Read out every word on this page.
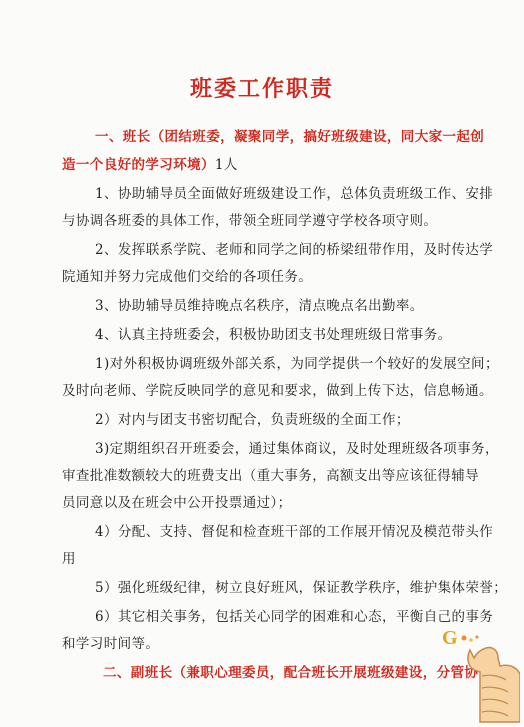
班委工作职责
一、班长（团结班委，凝聚同学，搞好班级建设，同大家一起创
造一个良好的学习环境）1人
1、协助辅导员全面做好班级建设工作，总体负责班级工作、安排
与协调各班委的具体工作，带领全班同学遵守学校各项守则。
2、发挥联系学院、老师和同学之间的桥梁纽带作用，及时传达学
院通知并努力完成他们交给的各项任务。
3、协助辅导员维持晚点名秩序，清点晚点名出勤率。
4、认真主持班委会，积极协助团支书处理班级日常事务。
1)对外积极协调班级外部关系，为同学提供一个较好的发展空间；
及时向老师、学院反映同学的意见和要求，做到上传下达，信息畅通。
2）对内与团支书密切配合，负责班级的全面工作；
3)定期组织召开班委会，通过集体商议，及时处理班级各项事务，
审查批准数额较大的班费支出（重大事务，高额支出等应该征得辅导
员同意以及在班会中公开投票通过）；
4）分配、支持、督促和检查班干部的工作展开情况及模范带头作
用
5）强化班级纪律，树立良好班风，保证教学秩序，维护集体荣誉；
6）其它相关事务，包括关心同学的困难和心态，平衡自己的事务
和学习时间等。
二、副班长（兼职心理委员，配合班长开展班级建设，分管协
G
